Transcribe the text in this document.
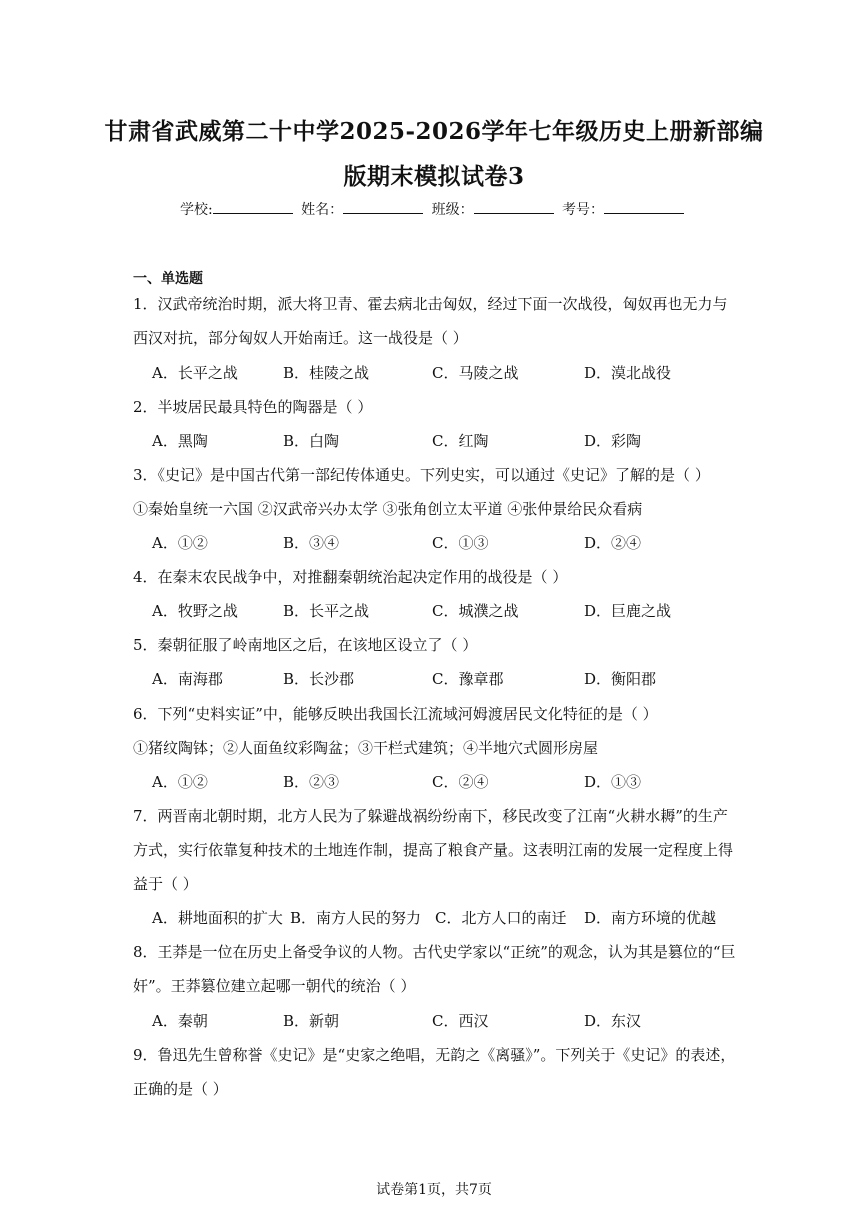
甘肃省武威第二十中学2025-2026学年七年级历史上册新部编
版期末模拟试卷3
学校:	姓名：	班级：	考号：
一、单选题
1．汉武帝统治时期，派大将卫青、霍去病北击匈奴，经过下面一次战役，匈奴再也无力与
西汉对抗，部分匈奴人开始南迁。这一战役是（ ）
A．长平之战	B．桂陵之战	C．马陵之战	D．漠北战役
2．半坡居民最具特色的陶器是（ ）
A．黑陶	B．白陶	C．红陶	D．彩陶
3．《史记》是中国古代第一部纪传体通史。下列史实，可以通过《史记》了解的是（ ）
①秦始皇统一六国 ②汉武帝兴办太学 ③张角创立太平道 ④张仲景给民众看病
A．①②	B．③④	C．①③	D．②④
4．在秦末农民战争中，对推翻秦朝统治起决定作用的战役是（ ）
A．牧野之战	B．长平之战	C．城濮之战	D．巨鹿之战
5．秦朝征服了岭南地区之后，在该地区设立了（ ）
A．南海郡	B．长沙郡	C．豫章郡	D．衡阳郡
6．下列“史料实证”中，能够反映出我国长江流域河姆渡居民文化特征的是（ ）
①猪纹陶钵；②人面鱼纹彩陶盆；③干栏式建筑；④半地穴式圆形房屋
A．①②	B．②③	C．②④	D．①③
7．两晋南北朝时期，北方人民为了躲避战祸纷纷南下，移民改变了江南“火耕水耨”的生产
方式，实行依靠复种技术的土地连作制，提高了粮食产量。这表明江南的发展一定程度上得
益于（ ）
A．耕地面积的扩大 B．南方人民的努力 C．北方人口的南迁 D．南方环境的优越
8．王莽是一位在历史上备受争议的人物。古代史学家以“正统”的观念，认为其是篡位的“巨
奸”。王莽篡位建立起哪一朝代的统治（ ）
A．秦朝	B．新朝	C．西汉	D．东汉
9．鲁迅先生曾称誉《史记》是“史家之绝唱，无韵之《离骚》”。下列关于《史记》的表述，
正确的是（ ）
试卷第1页，共7页
